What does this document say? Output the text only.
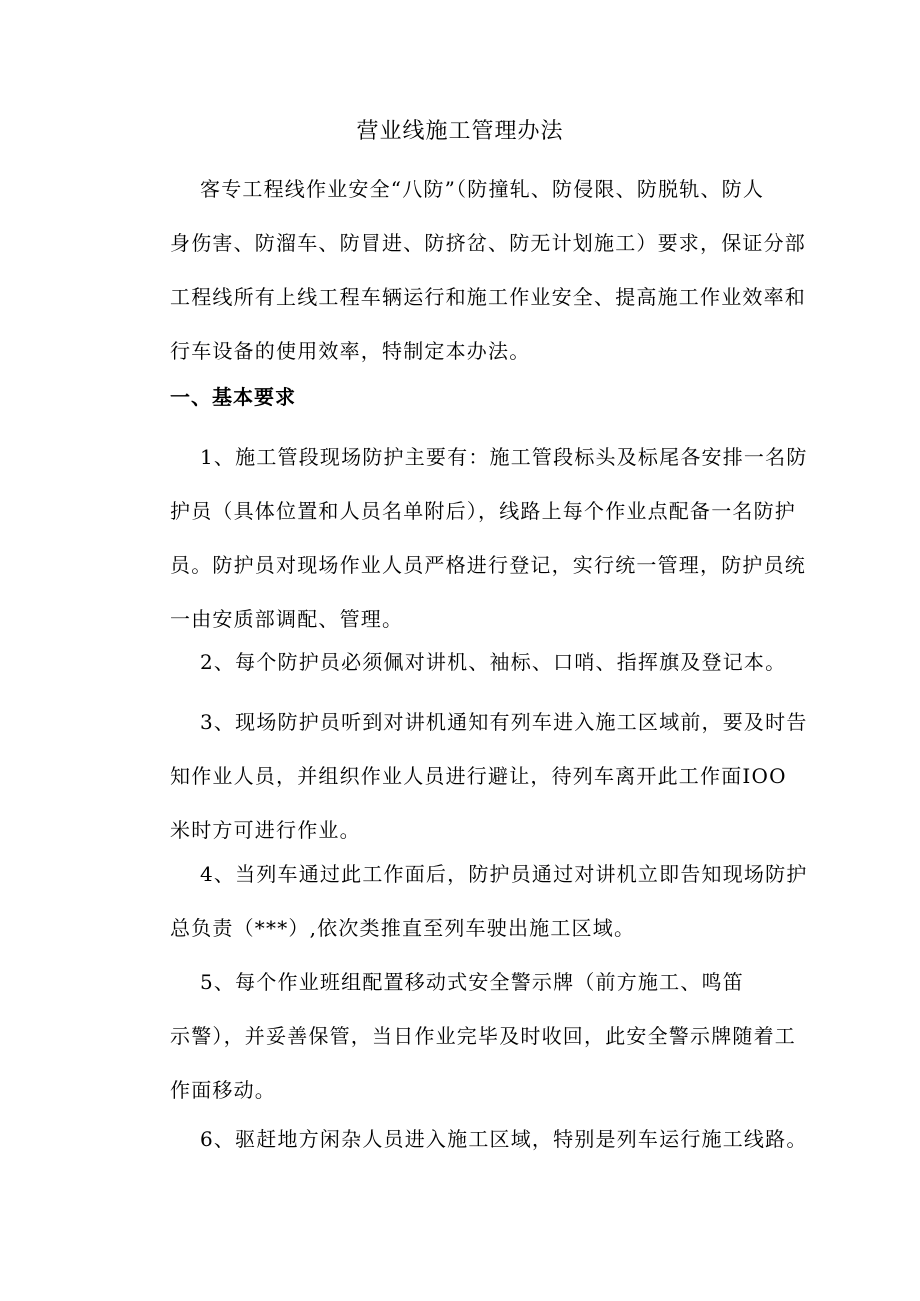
营业线施工管理办法
客专工程线作业安全“八防”（防撞轧、防侵限、防脱轨、防人
身伤害、防溜车、防冒进、防挤岔、防无计划施工）要求，保证分部
工程线所有上线工程车辆运行和施工作业安全、提高施工作业效率和
行车设备的使用效率，特制定本办法。
一、基本要求
1、施工管段现场防护主要有：施工管段标头及标尾各安排一名防
护员（具体位置和人员名单附后），线路上每个作业点配备一名防护
员。防护员对现场作业人员严格进行登记，实行统一管理，防护员统
一由安质部调配、管理。
2、每个防护员必须佩对讲机、袖标、口哨、指挥旗及登记本。
3、现场防护员听到对讲机通知有列车进入施工区域前，要及时告
知作业人员，并组织作业人员进行避让，待列车离开此工作面IOO
米时方可进行作业。
4、当列车通过此工作面后，防护员通过对讲机立即告知现场防护
总负责（***）,依次类推直至列车驶出施工区域。
5、每个作业班组配置移动式安全警示牌（前方施工、鸣笛
示警），并妥善保管，当日作业完毕及时收回，此安全警示牌随着工
作面移动。
6、驱赶地方闲杂人员进入施工区域，特别是列车运行施工线路。
